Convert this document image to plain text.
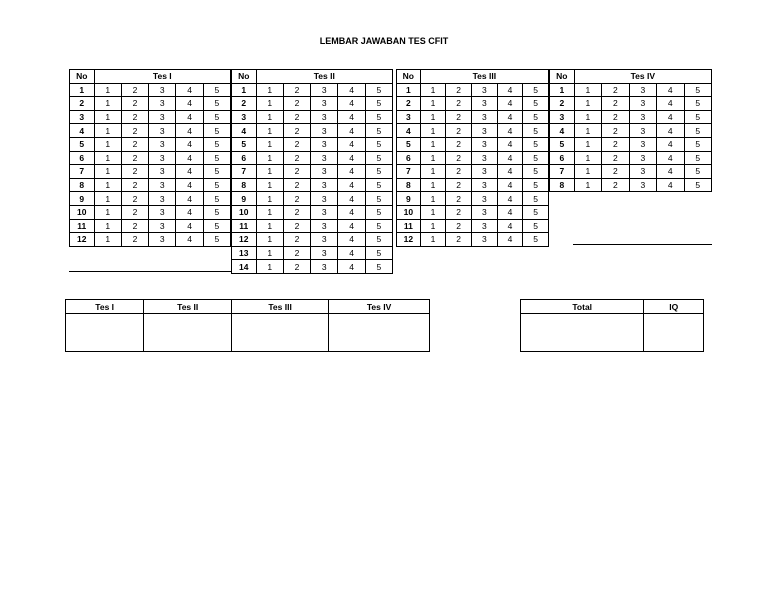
LEMBAR JAWABAN TES CFIT
No	Tes I				
1	1	2	3	4	5
2	1	2	3	4	5
3	1	2	3	4	5
4	1	2	3	4	5
5	1	2	3	4	5
6	1	2	3	4	5
7	1	2	3	4	5
8	1	2	3	4	5
9	1	2	3	4	5
10	1	2	3	4	5
11	1	2	3	4	5
12	1	2	3	4	5
No	Tes II				
1	1	2	3	4	5
2	1	2	3	4	5
3	1	2	3	4	5
4	1	2	3	4	5
5	1	2	3	4	5
6	1	2	3	4	5
7	1	2	3	4	5
8	1	2	3	4	5
9	1	2	3	4	5
10	1	2	3	4	5
11	1	2	3	4	5
12	1	2	3	4	5
13	1	2	3	4	5
14	1	2	3	4	5
No	Tes III				
1	1	2	3	4	5
2	1	2	3	4	5
3	1	2	3	4	5
4	1	2	3	4	5
5	1	2	3	4	5
6	1	2	3	4	5
7	1	2	3	4	5
8	1	2	3	4	5
9	1	2	3	4	5
10	1	2	3	4	5
11	1	2	3	4	5
12	1	2	3	4	5
No	Tes IV				
1	1	2	3	4	5
2	1	2	3	4	5
3	1	2	3	4	5
4	1	2	3	4	5
5	1	2	3	4	5
6	1	2	3	4	5
7	1	2	3	4	5
8	1	2	3	4	5
Tes I	Tes II	Tes III	Tes IV
				Total	IQ
